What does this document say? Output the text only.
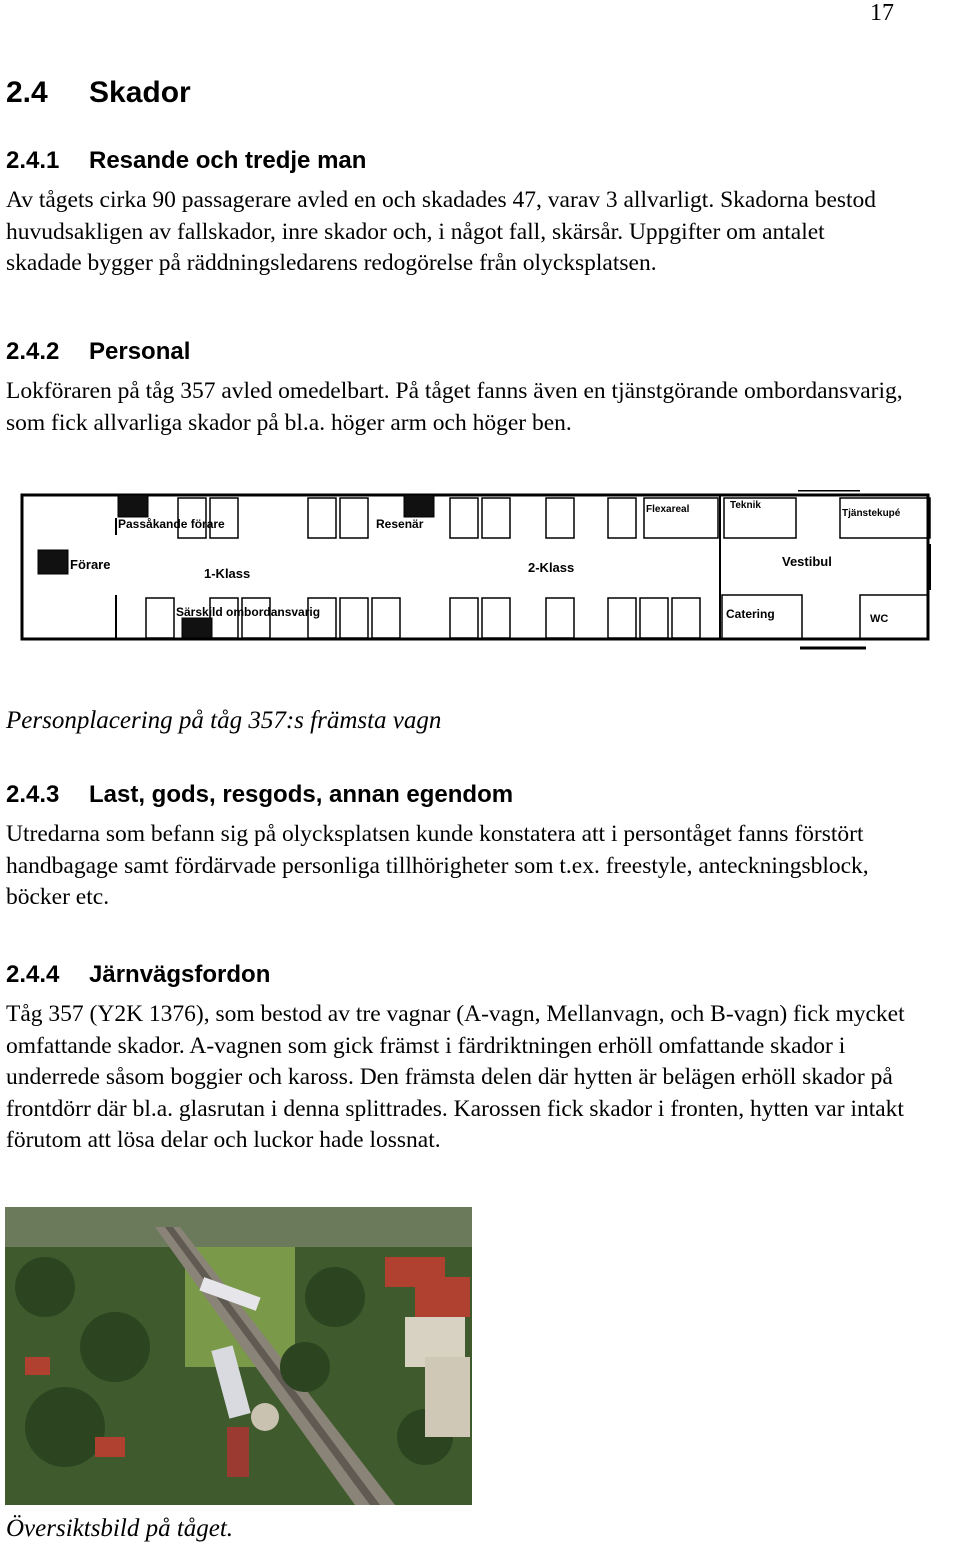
17
2.4 Skador
2.4.1 Resande och tredje man
Av tågets cirka 90 passagerare avled en och skadades 47, varav 3 allvarligt. Skadorna bestod huvudsakligen av fallskador, inre skador och, i något fall, skärsår. Uppgifter om antalet skadade bygger på räddningsledarens redogörelse från olycksplatsen.
2.4.2 Personal
Lokföraren på tåg 357 avled omedelbart. På tåget fanns även en tjänstgörande ombordansvarig, som fick allvarliga skador på bl.a. höger arm och höger ben.
Passåkande förare	Resenär
Förare
1-Klass	2-Klass
Särskild ombordansvarig
Flexareal	Teknik
Tjänstekupé
Vestibul
Catering	WC
Personplacering på tåg 357:s främsta vagn
2.4.3 Last, gods, resgods, annan egendom
Utredarna som befann sig på olycksplatsen kunde konstatera att i persontåget fanns förstört handbagage samt fördärvade personliga tillhörigheter som t.ex. freestyle, anteckningsblock, böcker etc.
2.4.4 Järnvägsfordon
Tåg 357 (Y2K 1376), som bestod av tre vagnar (A-vagn, Mellanvagn, och B-vagn) fick mycket omfattande skador. A-vagnen som gick främst i färdriktningen erhöll omfattande skador i underrede såsom boggier och kaross. Den främsta delen där hytten är belägen erhöll skador på frontdörr där bl.a. glasrutan i denna splittrades. Karossen fick skador i fronten, hytten var intakt förutom att lösa delar och luckor hade lossnat.
Översiktsbild på tåget.
